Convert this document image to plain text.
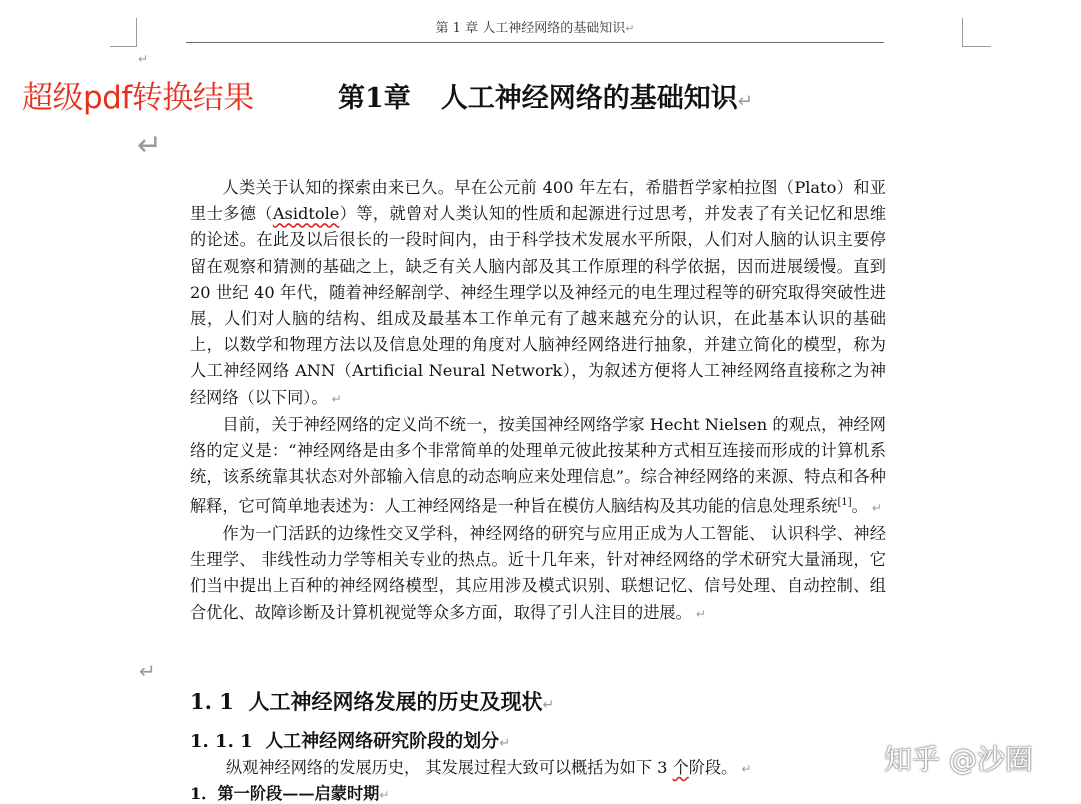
第 1 章 人工神经网络的基础知识↵
↵
超级pdf转换结果	第1章 人工神经网络的基础知识↵
↵

人类关于认知的探索由来已久。早在公元前 400 年左右，希腊哲学家柏拉图（Plato）和亚里士多德（Asidtole）等，就曾对人类认知的性质和起源进行过思考，并发表了有关记忆和思维的论述。在此及以后很长的一段时间内，由于科学技术发展水平所限，人们对人脑的认识主要停留在观察和猜测的基础之上，缺乏有关人脑内部及其工作原理的科学依据，因而进展缓慢。直到 20 世纪 40 年代，随着神经解剖学、神经生理学以及神经元的电生理过程等的研究取得突破性进展，人们对人脑的结构、组成及最基本工作单元有了越来越充分的认识，在此基本认识的基础上，以数学和物理方法以及信息处理的角度对人脑神经网络进行抽象，并建立简化的模型，称为人工神经网络 ANN（Artificial Neural Network），为叙述方便将人工神经网络直接称之为神经网络（以下同）。 ↵

目前，关于神经网络的定义尚不统一，按美国神经网络学家 Hecht Nielsen 的观点，神经网络的定义是：“神经网络是由多个非常简单的处理单元彼此按某种方式相互连接而形成的计算机系统，该系统靠其状态对外部输入信息的动态响应来处理信息”。综合神经网络的来源、特点和各种解释，它可简单地表述为：人工神经网络是一种旨在模仿人脑结构及其功能的信息处理系统[1]。 ↵

作为一门活跃的边缘性交叉学科，神经网络的研究与应用正成为人工智能、 认识科学、神经生理学、 非线性动力学等相关专业的热点。近十几年来，针对神经网络的学术研究大量涌现，它们当中提出上百种的神经网络模型，其应用涉及模式识别、联想记忆、信号处理、自动控制、组合优化、故障诊断及计算机视觉等众多方面，取得了引人注目的进展。 ↵

↵
1. 1 人工神经网络发展的历史及现状↵
1. 1. 1 人工神经网络研究阶段的划分↵
纵观神经网络的发展历史， 其发展过程大致可以概括为如下 3 个阶段。 ↵
1．第一阶段——启蒙时期↵
知乎 @沙圈
